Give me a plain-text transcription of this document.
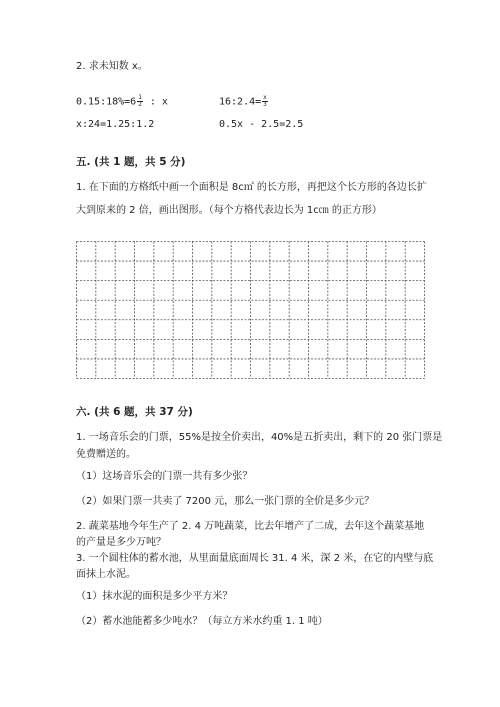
2. 求未知数 x。
0.15:18%=6 $\frac{1}{2}$ : x	16:2.4= $\frac{x}{3}$
x:24=1.25:1.2	0.5x - 2.5=2.5
五. (共 1 题，共 5 分)
1. 在下面的方格纸中画一个面积是 8c㎡ 的长方形，再把这个长方形的各边长扩
大到原来的 2 倍，画出图形。（每个方格代表边长为 1c㎝ 的正方形）
六. (共 6 题，共 37 分)
1. 一场音乐会的门票，55%是按全价卖出，40%是五折卖出，剩下的 20 张门票是
免费赠送的。
（1）这场音乐会的门票一共有多少张？
（2）如果门票一共卖了 7200 元，那么一张门票的全价是多少元？
2. 蔬菜基地今年生产了 2. 4 万吨蔬菜，比去年增产了二成，去年这个蔬菜基地
的产量是多少万吨？
3. 一个圆柱体的蓄水池，从里面量底面周长 31. 4 米，深 2 米，在它的内壁与底
面抹上水泥。
（1）抹水泥的面积是多少平方米？
（2）蓄水池能蓄多少吨水？（每立方米水约重 1. 1 吨）
